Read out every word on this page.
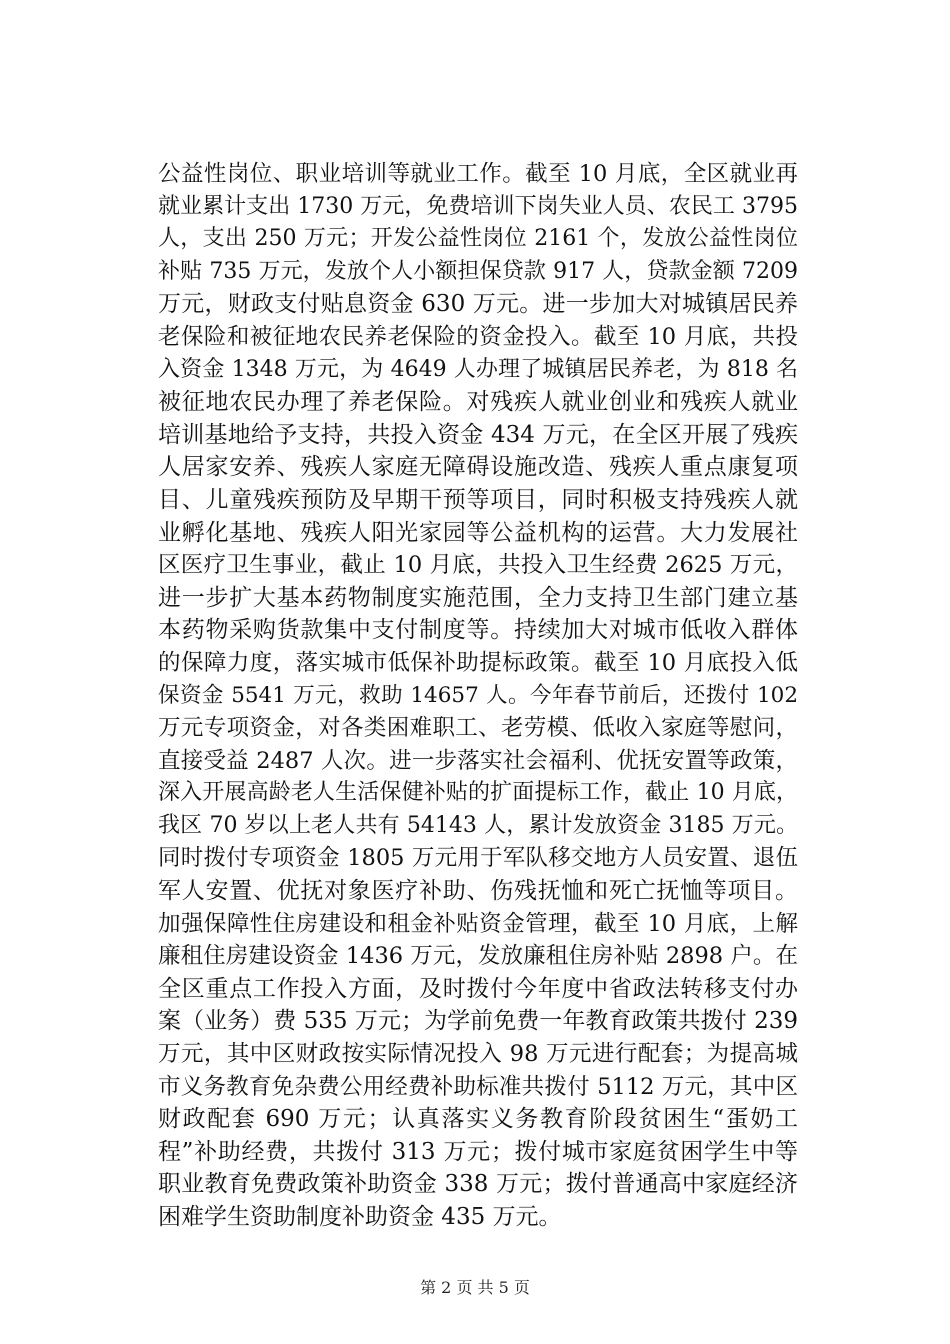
公益性岗位、职业培训等就业工作。截至 10 月底，全区就业再
就业累计支出 1730 万元，免费培训下岗失业人员、农民工 3795
人，支出 250 万元；开发公益性岗位 2161 个，发放公益性岗位
补贴 735 万元，发放个人小额担保贷款 917 人，贷款金额 7209
万元，财政支付贴息资金 630 万元。进一步加大对城镇居民养
老保险和被征地农民养老保险的资金投入。截至 10 月底，共投
入资金 1348 万元，为 4649 人办理了城镇居民养老，为 818 名
被征地农民办理了养老保险。对残疾人就业创业和残疾人就业
培训基地给予支持，共投入资金 434 万元，在全区开展了残疾
人居家安养、残疾人家庭无障碍设施改造、残疾人重点康复项
目、儿童残疾预防及早期干预等项目，同时积极支持残疾人就
业孵化基地、残疾人阳光家园等公益机构的运营。大力发展社
区医疗卫生事业，截止 10 月底，共投入卫生经费 2625 万元，
进一步扩大基本药物制度实施范围，全力支持卫生部门建立基
本药物采购货款集中支付制度等。持续加大对城市低收入群体
的保障力度，落实城市低保补助提标政策。截至 10 月底投入低
保资金 5541 万元，救助 14657 人。今年春节前后，还拨付 102
万元专项资金，对各类困难职工、老劳模、低收入家庭等慰问，
直接受益 2487 人次。进一步落实社会福利、优抚安置等政策，
深入开展高龄老人生活保健补贴的扩面提标工作，截止 10 月底，
我区 70 岁以上老人共有 54143 人，累计发放资金 3185 万元。
同时拨付专项资金 1805 万元用于军队移交地方人员安置、退伍
军人安置、优抚对象医疗补助、伤残抚恤和死亡抚恤等项目。
加强保障性住房建设和租金补贴资金管理，截至 10 月底，上解
廉租住房建设资金 1436 万元，发放廉租住房补贴 2898 户。在
全区重点工作投入方面，及时拨付今年度中省政法转移支付办
案（业务）费 535 万元；为学前免费一年教育政策共拨付 239
万元，其中区财政按实际情况投入 98 万元进行配套；为提高城
市义务教育免杂费公用经费补助标准共拨付 5112 万元，其中区
财政配套 690 万元；认真落实义务教育阶段贫困生“蛋奶工
程”补助经费，共拨付 313 万元；拨付城市家庭贫困学生中等
职业教育免费政策补助资金 338 万元；拨付普通高中家庭经济
困难学生资助制度补助资金 435 万元。
第 2 页 共 5 页
